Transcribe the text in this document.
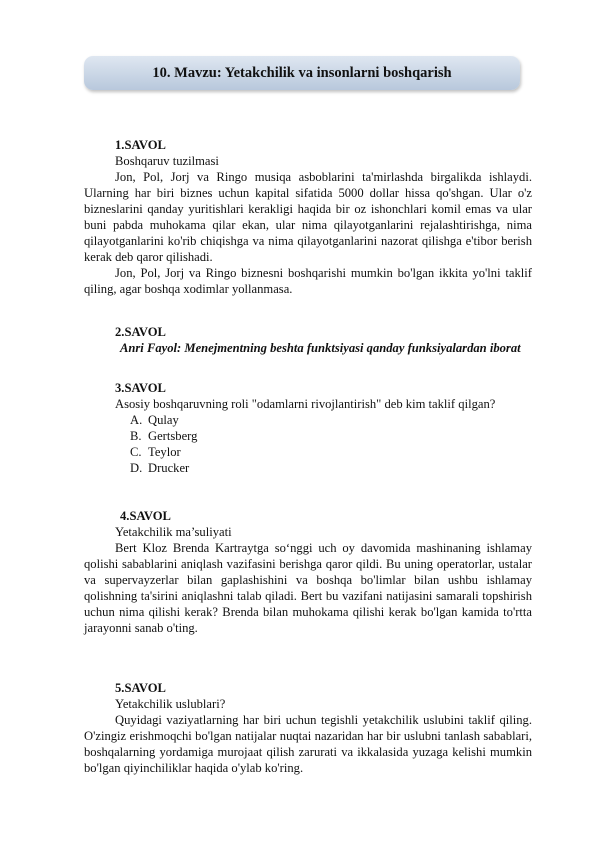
10. Mavzu: Yetakchilik va insonlarni boshqarish
1.SAVOL
Boshqaruv tuzilmasi
Jon, Pol, Jorj va Ringo musiqa asboblarini ta'mirlashda birgalikda ishlaydi. Ularning har biri biznes uchun kapital sifatida 5000 dollar hissa qo'shgan. Ular o'z bizneslarini qanday yuritishlari kerakligi haqida bir oz ishonchlari komil emas va ular buni pabda muhokama qilar ekan, ular nima qilayotganlarini rejalashtirishga, nima qilayotganlarini ko'rib chiqishga va nima qilayotganlarini nazorat qilishga e'tibor berish kerak deb qaror qilishadi.
Jon, Pol, Jorj va Ringo biznesni boshqarishi mumkin bo'lgan ikkita yo'lni taklif qiling, agar boshqa xodimlar yollanmasa.
2.SAVOL
Anri Fayol: Menejmentning beshta funktsiyasi qanday funksiyalardan iborat
3.SAVOL
Asosiy boshqaruvning roli "odamlarni rivojlantirish" deb kim taklif qilgan?
A. Qulay
B. Gertsberg
C. Teylor
D. Drucker
4.SAVOL
Yetakchilik ma’suliyati
Bert Kloz Brenda Kartraytga so‘nggi uch oy davomida mashinaning ishlamay qolishi sabablarini aniqlash vazifasini berishga qaror qildi. Bu uning operatorlar, ustalar va supervayzerlar bilan gaplashishini va boshqa bo'limlar bilan ushbu ishlamay qolishning ta'sirini aniqlashni talab qiladi. Bert bu vazifani natijasini samarali topshirish uchun nima qilishi kerak? Brenda bilan muhokama qilishi kerak bo'lgan kamida to'rtta jarayonni sanab o'ting.
5.SAVOL
Yetakchilik uslublari?
Quyidagi vaziyatlarning har biri uchun tegishli yetakchilik uslubini taklif qiling. O'zingiz erishmoqchi bo'lgan natijalar nuqtai nazaridan har bir uslubni tanlash sabablari, boshqalarning yordamiga murojaat qilish zarurati va ikkalasida yuzaga kelishi mumkin bo'lgan qiyinchiliklar haqida o'ylab ko'ring.
